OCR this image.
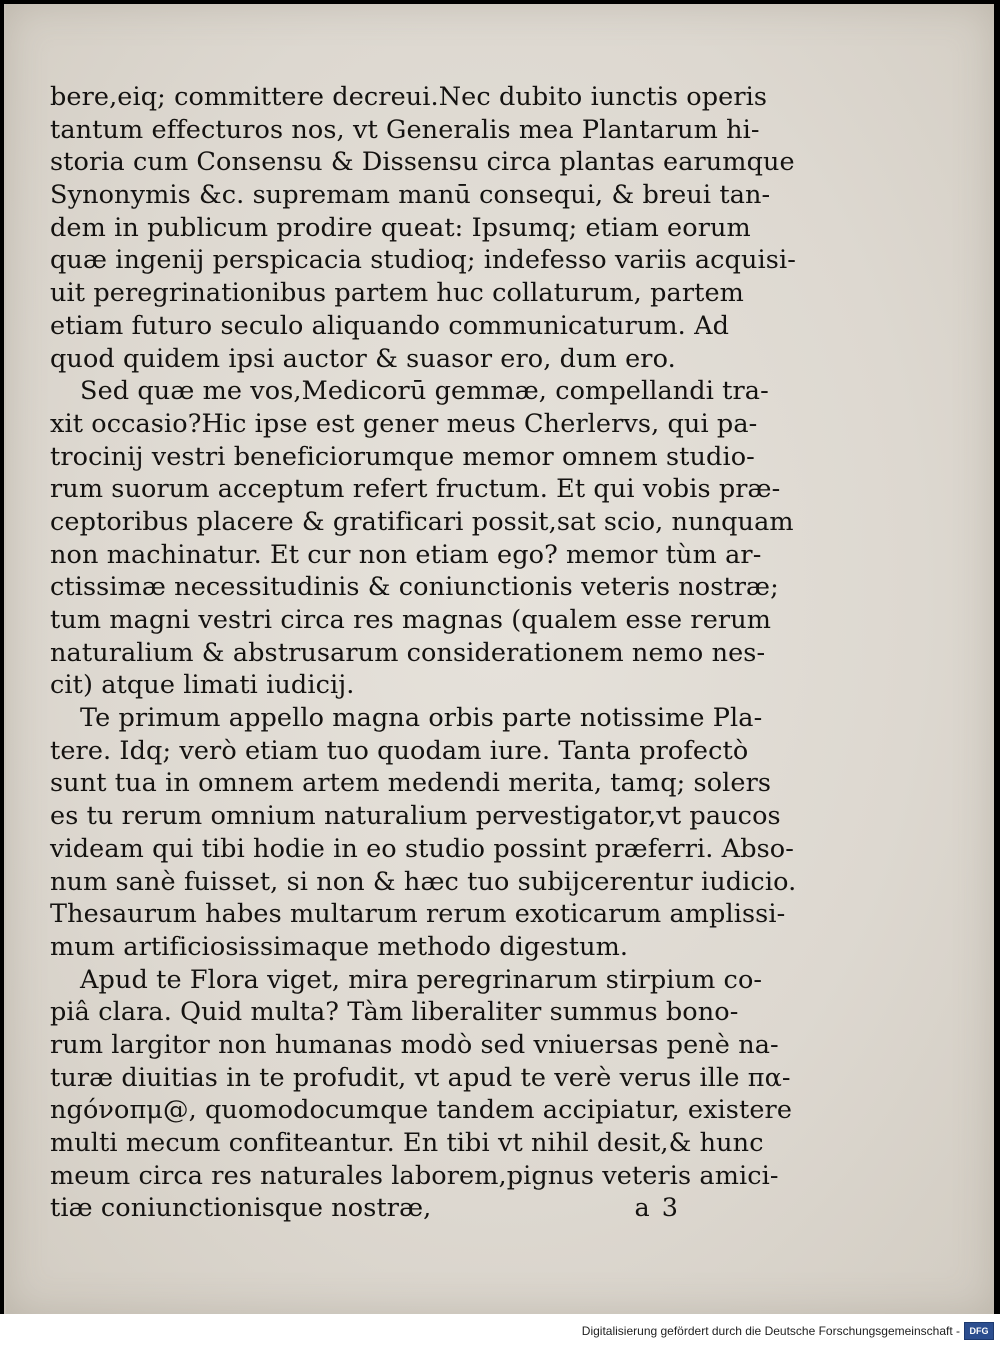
bere,eiq; committere decreui.Nec dubito iunctis operis
tantum effecturos nos, vt Generalis mea Plantarum hi-
storia cum Consensu & Dissensu circa plantas earumque
Synonymis &c. supremam manū consequi, & breui tan-
dem in publicum prodire queat: Ipsumq; etiam eorum
quæ ingenij perspicacia studioq; indefesso variis acquisi-
uit peregrinationibus partem huc collaturum, partem
etiam futuro seculo aliquando communicaturum. Ad
quod quidem ipsi auctor & suasor ero, dum ero.
Sed quæ me vos,Medicorū gemmæ, compellandi tra-
xit occasio?Hic ipse est gener meus Cherlervs, qui pa-
trocinij vestri beneficiorumque memor omnem studio-
rum suorum acceptum refert fructum. Et qui vobis præ-
ceptoribus placere & gratificari possit,sat scio, nunquam
non machinatur. Et cur non etiam ego? memor tùm ar-
ctissimæ necessitudinis & coniunctionis veteris nostræ;
tum magni vestri circa res magnas (qualem esse rerum
naturalium & abstrusarum considerationem nemo nes-
cit) atque limati iudicij.
Te primum appello magna orbis parte notissime Pla-
tere. Idq; verò etiam tuo quodam iure. Tanta profectò
sunt tua in omnem artem medendi merita, tamq; solers
es tu rerum omnium naturalium pervestigator,vt paucos
videam qui tibi hodie in eo studio possint præferri. Abso-
num sanè fuisset, si non & hæc tuo subijcerentur iudicio.
Thesaurum habes multarum rerum exoticarum amplissi-
mum artificiosissimaque methodo digestum.
Apud te Flora viget, mira peregrinarum stirpium co-
piâ clara. Quid multa? Tàm liberaliter summus bono-
rum largitor non humanas modò sed vniuersas penè na-
turæ diuitias in te profudit, vt apud te verè verus ille πα-
ngόνοπμ@, quomodocumque tandem accipiatur, existere
multi mecum confiteantur. En tibi vt nihil desit,& hunc
meum circa res naturales laborem,pignus veteris amici-
tiæ coniunctionisque nostræ,	a 3
Digitalisierung gefördert durch die Deutsche Forschungsgemeinschaft -	DFG
